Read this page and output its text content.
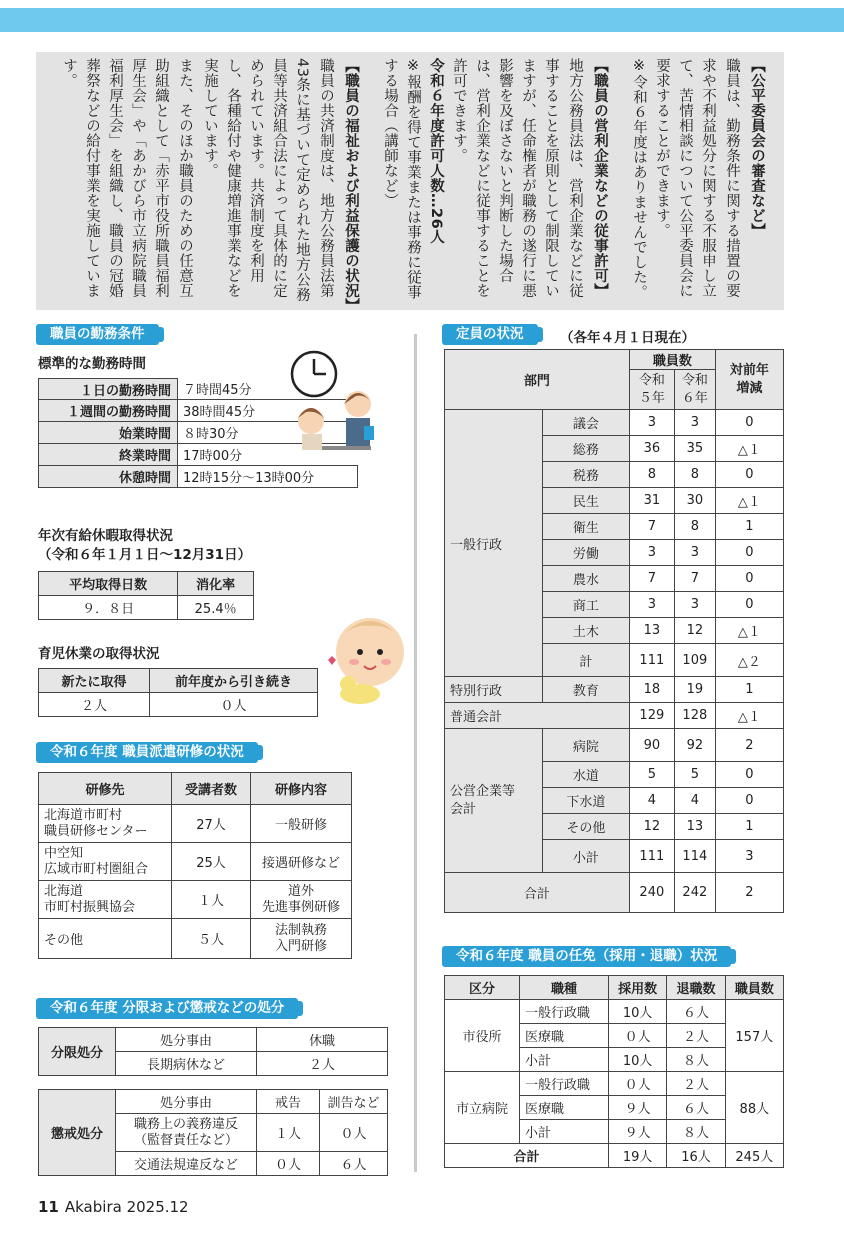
【公平委員会の審査など】

職員は、勤務条件に関する措置の要求や不利益処分に関する不服申し立て、苦情相談について公平委員会に要求することができます。

※令和６年度はありませんでした。

【職員の営利企業などの従事許可】

地方公務員法は、営利企業などに従事することを原則として制限していますが、任命権者が職務の遂行に悪影響を及ぼさないと判断した場合は、営利企業などに従事することを許可できます。

令和６年度許可人数…26人

※報酬を得て事業または事務に従事する場合（講師など）

【職員の福祉および利益保護の状況】

職員の共済制度は、地方公務員法第43条に基づいて定められた地方公務員等共済組合法によって具体的に定められています。共済制度を利用し、各種給付や健康増進事業などを実施しています。

また、そのほか職員のための任意互助組織として「赤平市役所職員福利厚生会」や「あかびら市立病院職員福利厚生会」を組織し、職員の冠婚葬祭などの給付事業を実施しています。

職員の勤務条件
標準的な勤務時間
１日の勤務時間	７時間45分
１週間の勤務時間	38時間45分
始業時間	８時30分
終業時間	17時00分
休憩時間	12時15分〜13時00分
年次有給休暇取得状況
（令和６年１月１日〜12月31日）
平均取得日数	消化率
９．８日	25.4％
育児休業の取得状況
新たに取得	前年度から引き続き
２人	０人
令和６年度 職員派遣研修の状況
研修先	受講者数	研修内容
北海道市町村
職員研修センター	27人	一般研修
中空知
広域市町村圏組合	25人	接遇研修など
北海道
市町村振興協会	１人	道外
先進事例研修
その他	５人	法制執務
入門研修
令和６年度 分限および懲戒などの処分
分限処分	処分事由	休職
	長期病休など	２人
懲戒処分	処分事由	戒告	訓告など
	職務上の義務違反
（監督責任など）	１人	０人
	交通法規違反など	０人	６人
定員の状況	（各年４月１日現在）
部門		職員数		対前年
増減
		令和
５年	令和
６年	
一般行政	議会	3	3	0
	総務	36	35	△１
	税務	8	8	0
	民生	31	30	△１
	衛生	7	8	1
	労働	3	3	0
	農水	7	7	0
	商工	3	3	0
	土木	13	12	△１
	計	111	109	△２
特別行政	教育	18	19	1
普通会計		129	128	△１
公営企業等
会計	病院	90	92	2
	水道	5	5	0
	下水道	4	4	0
	その他	12	13	1
	小計	111	114	3
合計		240	242	2
令和６年度 職員の任免（採用・退職）状況
区分	職種	採用数	退職数	職員数
市役所	一般行政職	10人	６人	157人
	医療職	０人	２人	
	小計	10人	８人	
市立病院	一般行政職	０人	２人	88人
	医療職	９人	６人	
	小計	９人	８人	
合計		19人	16人	245人
11 Akabira 2025.12
